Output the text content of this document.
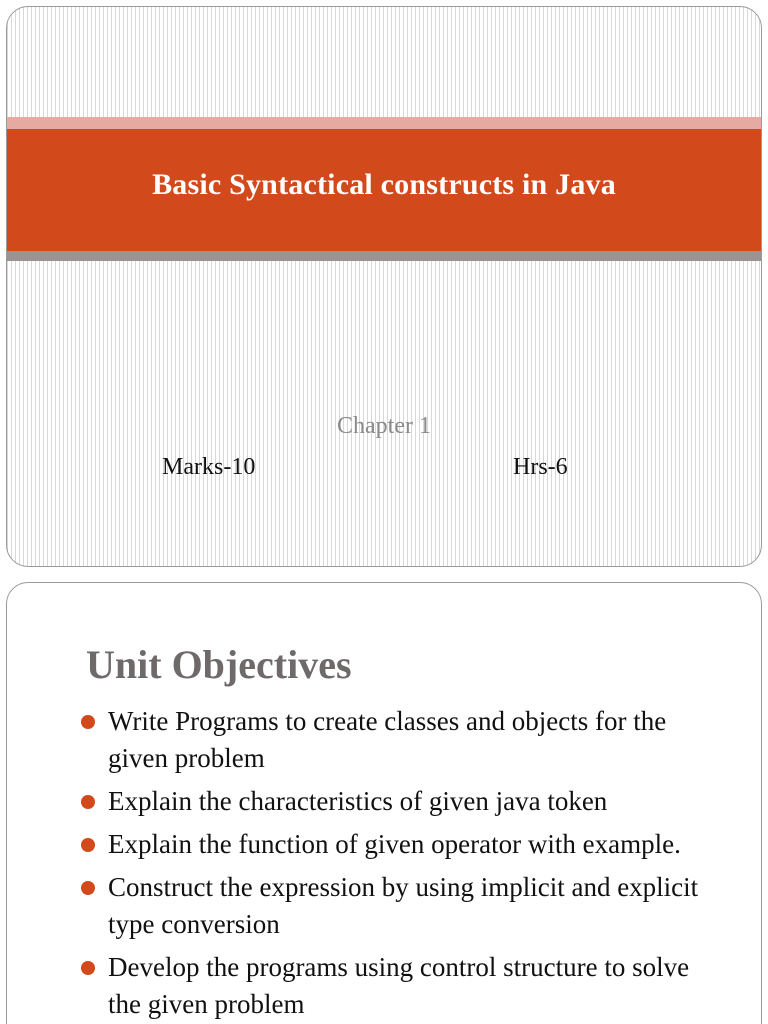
Basic Syntactical constructs in Java
Chapter 1
Marks-10	Hrs-6
Unit Objectives
Write Programs to create classes and objects for the given problem
Explain the characteristics of given java token
Explain the function of given operator with example.
Construct the expression by using implicit and explicit type conversion
Develop the programs using control structure to solve the given problem
